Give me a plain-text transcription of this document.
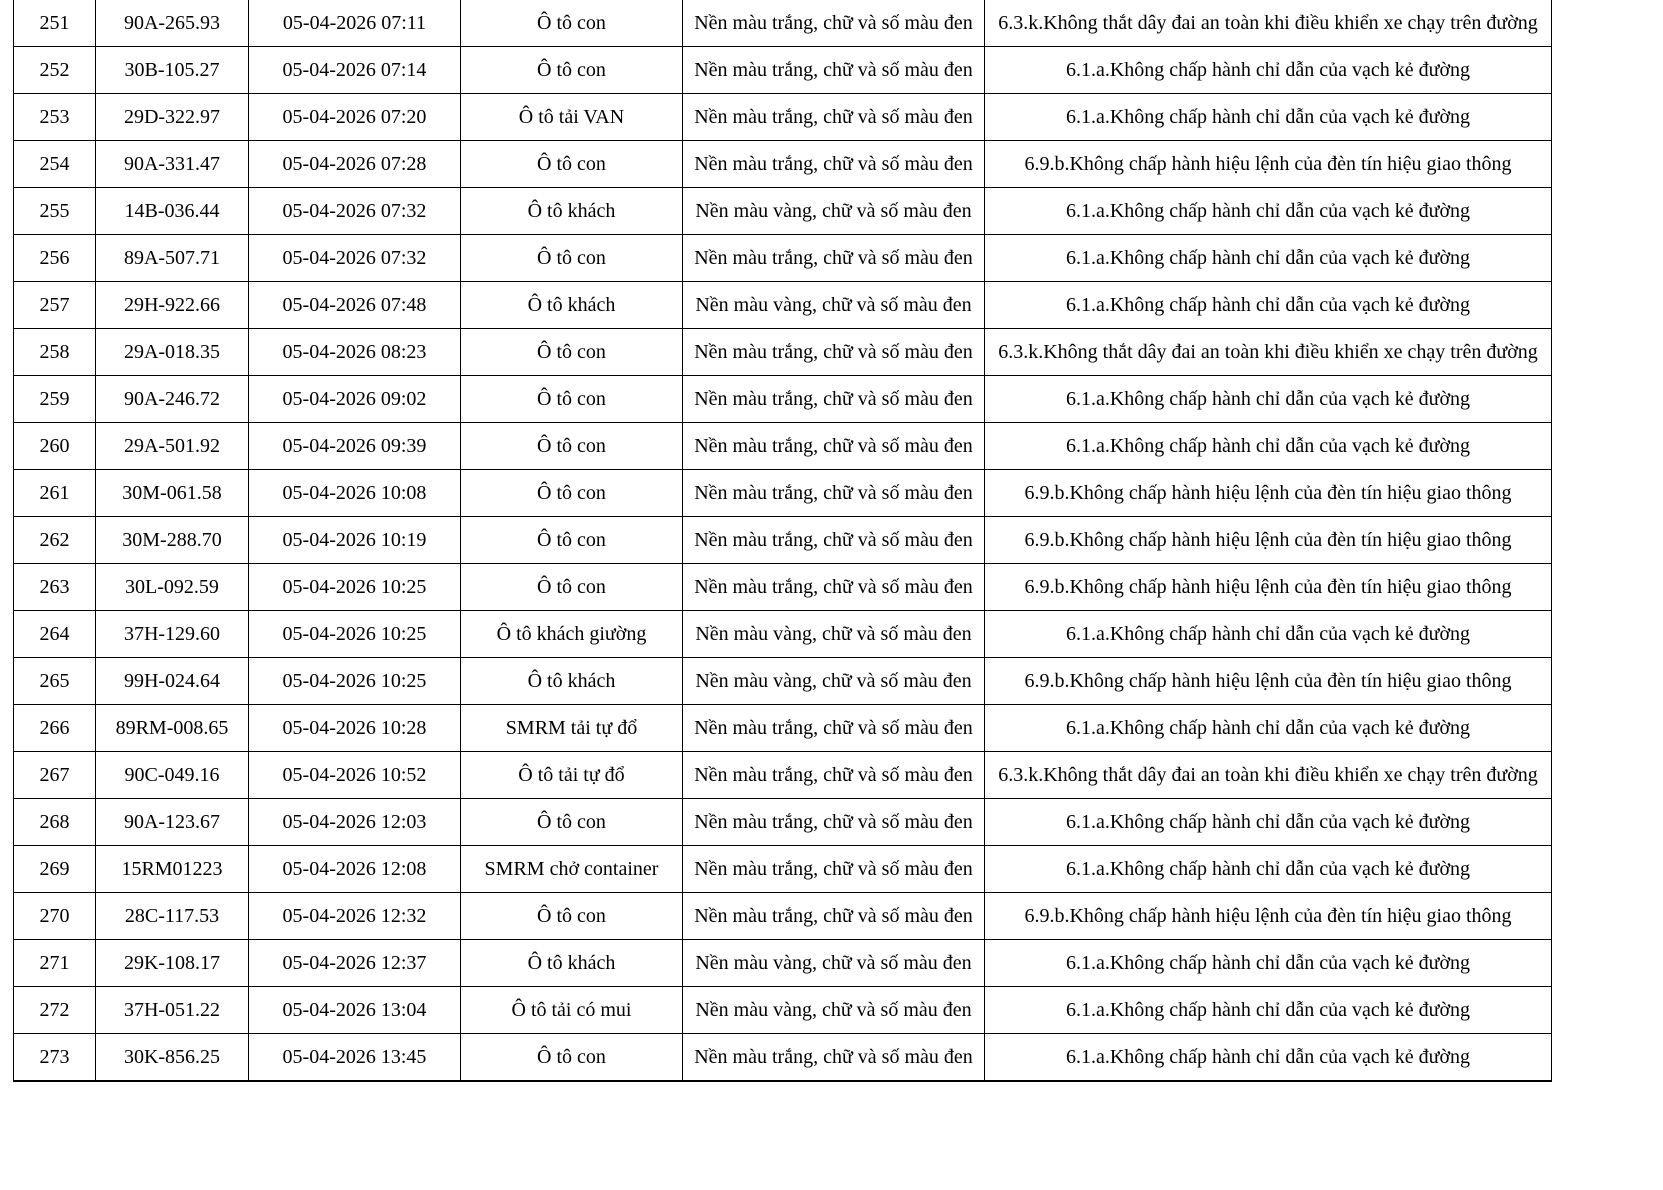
251	90A-265.93	05-04-2026 07:11	Ô tô con	Nền màu trắng, chữ và số màu đen	6.3.k.Không thắt dây đai an toàn khi điều khiển xe chạy trên đường
252	30B-105.27	05-04-2026 07:14	Ô tô con	Nền màu trắng, chữ và số màu đen	6.1.a.Không chấp hành chỉ dẫn của vạch kẻ đường
253	29D-322.97	05-04-2026 07:20	Ô tô tải VAN	Nền màu trắng, chữ và số màu đen	6.1.a.Không chấp hành chỉ dẫn của vạch kẻ đường
254	90A-331.47	05-04-2026 07:28	Ô tô con	Nền màu trắng, chữ và số màu đen	6.9.b.Không chấp hành hiệu lệnh của đèn tín hiệu giao thông
255	14B-036.44	05-04-2026 07:32	Ô tô khách	Nền màu vàng, chữ và số màu đen	6.1.a.Không chấp hành chỉ dẫn của vạch kẻ đường
256	89A-507.71	05-04-2026 07:32	Ô tô con	Nền màu trắng, chữ và số màu đen	6.1.a.Không chấp hành chỉ dẫn của vạch kẻ đường
257	29H-922.66	05-04-2026 07:48	Ô tô khách	Nền màu vàng, chữ và số màu đen	6.1.a.Không chấp hành chỉ dẫn của vạch kẻ đường
258	29A-018.35	05-04-2026 08:23	Ô tô con	Nền màu trắng, chữ và số màu đen	6.3.k.Không thắt dây đai an toàn khi điều khiển xe chạy trên đường
259	90A-246.72	05-04-2026 09:02	Ô tô con	Nền màu trắng, chữ và số màu đen	6.1.a.Không chấp hành chỉ dẫn của vạch kẻ đường
260	29A-501.92	05-04-2026 09:39	Ô tô con	Nền màu trắng, chữ và số màu đen	6.1.a.Không chấp hành chỉ dẫn của vạch kẻ đường
261	30M-061.58	05-04-2026 10:08	Ô tô con	Nền màu trắng, chữ và số màu đen	6.9.b.Không chấp hành hiệu lệnh của đèn tín hiệu giao thông
262	30M-288.70	05-04-2026 10:19	Ô tô con	Nền màu trắng, chữ và số màu đen	6.9.b.Không chấp hành hiệu lệnh của đèn tín hiệu giao thông
263	30L-092.59	05-04-2026 10:25	Ô tô con	Nền màu trắng, chữ và số màu đen	6.9.b.Không chấp hành hiệu lệnh của đèn tín hiệu giao thông
264	37H-129.60	05-04-2026 10:25	Ô tô khách giường	Nền màu vàng, chữ và số màu đen	6.1.a.Không chấp hành chỉ dẫn của vạch kẻ đường
265	99H-024.64	05-04-2026 10:25	Ô tô khách	Nền màu vàng, chữ và số màu đen	6.9.b.Không chấp hành hiệu lệnh của đèn tín hiệu giao thông
266	89RM-008.65	05-04-2026 10:28	SMRM tải tự đổ	Nền màu trắng, chữ và số màu đen	6.1.a.Không chấp hành chỉ dẫn của vạch kẻ đường
267	90C-049.16	05-04-2026 10:52	Ô tô tải tự đổ	Nền màu trắng, chữ và số màu đen	6.3.k.Không thắt dây đai an toàn khi điều khiển xe chạy trên đường
268	90A-123.67	05-04-2026 12:03	Ô tô con	Nền màu trắng, chữ và số màu đen	6.1.a.Không chấp hành chỉ dẫn của vạch kẻ đường
269	15RM01223	05-04-2026 12:08	SMRM chở container	Nền màu trắng, chữ và số màu đen	6.1.a.Không chấp hành chỉ dẫn của vạch kẻ đường
270	28C-117.53	05-04-2026 12:32	Ô tô con	Nền màu trắng, chữ và số màu đen	6.9.b.Không chấp hành hiệu lệnh của đèn tín hiệu giao thông
271	29K-108.17	05-04-2026 12:37	Ô tô khách	Nền màu vàng, chữ và số màu đen	6.1.a.Không chấp hành chỉ dẫn của vạch kẻ đường
272	37H-051.22	05-04-2026 13:04	Ô tô tải có mui	Nền màu vàng, chữ và số màu đen	6.1.a.Không chấp hành chỉ dẫn của vạch kẻ đường
273	30K-856.25	05-04-2026 13:45	Ô tô con	Nền màu trắng, chữ và số màu đen	6.1.a.Không chấp hành chỉ dẫn của vạch kẻ đường
